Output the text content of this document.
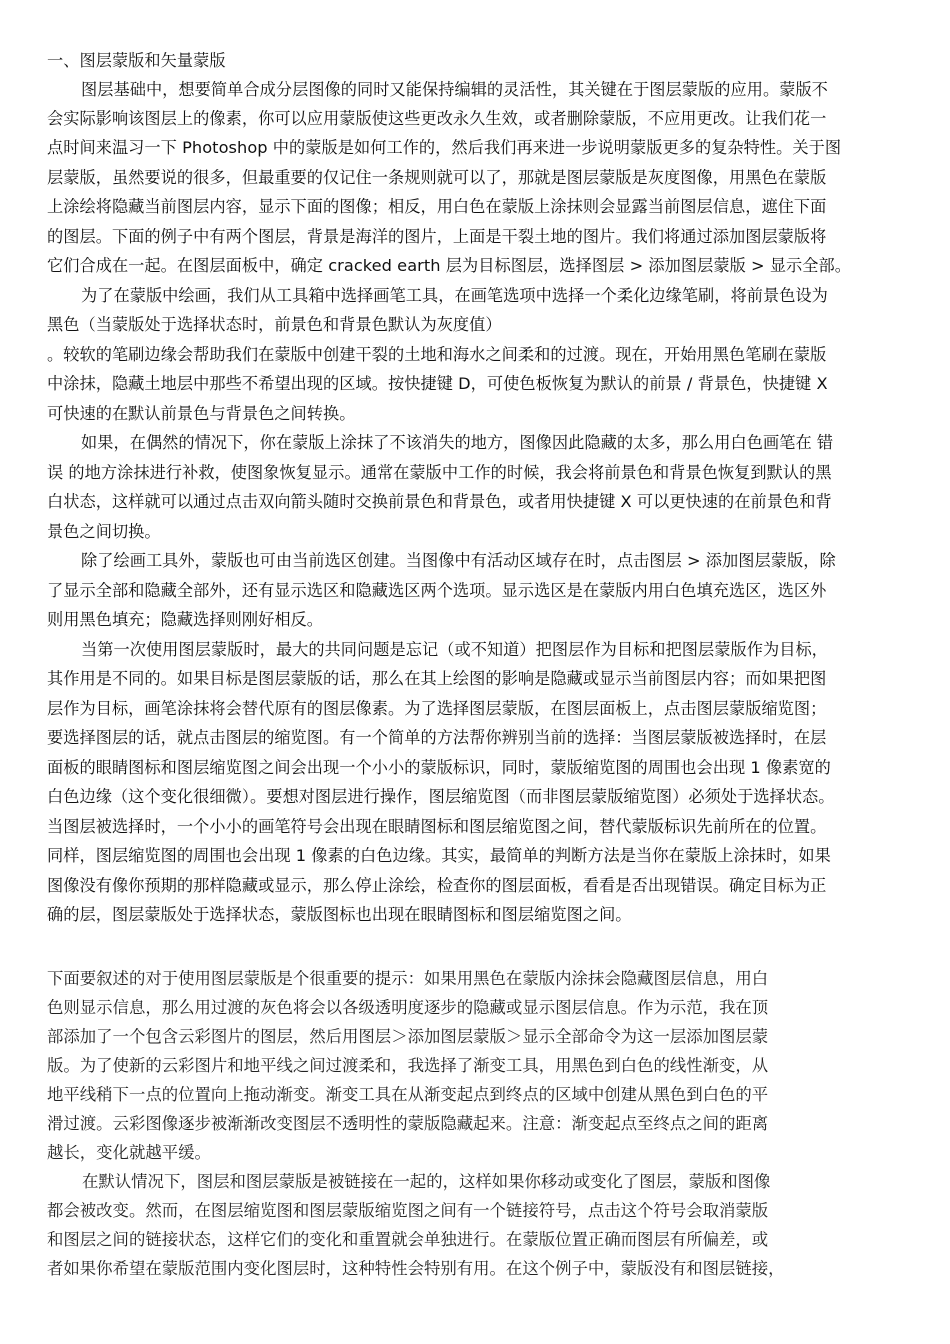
一、图层蒙版和矢量蒙版
图层基础中，想要简单合成分层图像的同时又能保持编辑的灵活性，其关键在于图层蒙版的应用。蒙版不
会实际影响该图层上的像素，你可以应用蒙版使这些更改永久生效，或者删除蒙版，不应用更改。让我们花一
点时间来温习一下 Photoshop 中的蒙版是如何工作的，然后我们再来进一步说明蒙版更多的复杂特性。关于图
层蒙版，虽然要说的很多，但最重要的仅记住一条规则就可以了，那就是图层蒙版是灰度图像，用黑色在蒙版
上涂绘将隐藏当前图层内容，显示下面的图像；相反，用白色在蒙版上涂抹则会显露当前图层信息，遮住下面
的图层。下面的例子中有两个图层，背景是海洋的图片，上面是干裂土地的图片。我们将通过添加图层蒙版将
它们合成在一起。在图层面板中，确定 cracked earth 层为目标图层，选择图层 > 添加图层蒙版 > 显示全部。
为了在蒙版中绘画，我们从工具箱中选择画笔工具，在画笔选项中选择一个柔化边缘笔刷，将前景色设为
黑色（当蒙版处于选择状态时，前景色和背景色默认为灰度值）
。较软的笔刷边缘会帮助我们在蒙版中创建干裂的土地和海水之间柔和的过渡。现在，开始用黑色笔刷在蒙版
中涂抹，隐藏土地层中那些不希望出现的区域。按快捷键 D，可使色板恢复为默认的前景 / 背景色，快捷键 X
可快速的在默认前景色与背景色之间转换。
如果，在偶然的情况下，你在蒙版上涂抹了不该消失的地方，图像因此隐藏的太多，那么用白色画笔在 错
误 的地方涂抹进行补救，使图象恢复显示。通常在蒙版中工作的时候，我会将前景色和背景色恢复到默认的黑
白状态，这样就可以通过点击双向箭头随时交换前景色和背景色，或者用快捷键 X 可以更快速的在前景色和背
景色之间切换。
除了绘画工具外，蒙版也可由当前选区创建。当图像中有活动区域存在时，点击图层 > 添加图层蒙版，除
了显示全部和隐藏全部外，还有显示选区和隐藏选区两个选项。显示选区是在蒙版内用白色填充选区，选区外
则用黑色填充；隐藏选择则刚好相反。
当第一次使用图层蒙版时，最大的共同问题是忘记（或不知道）把图层作为目标和把图层蒙版作为目标，
其作用是不同的。如果目标是图层蒙版的话，那么在其上绘图的影响是隐藏或显示当前图层内容；而如果把图
层作为目标，画笔涂抹将会替代原有的图层像素。为了选择图层蒙版，在图层面板上，点击图层蒙版缩览图；
要选择图层的话，就点击图层的缩览图。有一个简单的方法帮你辨别当前的选择：当图层蒙版被选择时，在层
面板的眼睛图标和图层缩览图之间会出现一个小小的蒙版标识，同时，蒙版缩览图的周围也会出现 1 像素宽的
白色边缘（这个变化很细微）。要想对图层进行操作，图层缩览图（而非图层蒙版缩览图）必须处于选择状态。
当图层被选择时，一个小小的画笔符号会出现在眼睛图标和图层缩览图之间，替代蒙版标识先前所在的位置。
同样，图层缩览图的周围也会出现 1 像素的白色边缘。其实，最简单的判断方法是当你在蒙版上涂抹时，如果
图像没有像你预期的那样隐藏或显示，那么停止涂绘，检查你的图层面板，看看是否出现错误。确定目标为正
确的层，图层蒙版处于选择状态，蒙版图标也出现在眼睛图标和图层缩览图之间。
下面要叙述的对于使用图层蒙版是个很重要的提示：如果用黑色在蒙版内涂抹会隐藏图层信息，用白
色则显示信息，那么用过渡的灰色将会以各级透明度逐步的隐藏或显示图层信息。作为示范，我在顶
部添加了一个包含云彩图片的图层，然后用图层＞添加图层蒙版＞显示全部命令为这一层添加图层蒙
版。为了使新的云彩图片和地平线之间过渡柔和，我选择了渐变工具，用黑色到白色的线性渐变，从
地平线稍下一点的位置向上拖动渐变。渐变工具在从渐变起点到终点的区域中创建从黑色到白色的平
滑过渡。云彩图像逐步被渐渐改变图层不透明性的蒙版隐藏起来。注意：渐变起点至终点之间的距离
越长，变化就越平缓。
在默认情况下，图层和图层蒙版是被链接在一起的，这样如果你移动或变化了图层，蒙版和图像
都会被改变。然而，在图层缩览图和图层蒙版缩览图之间有一个链接符号，点击这个符号会取消蒙版
和图层之间的链接状态，这样它们的变化和重置就会单独进行。在蒙版位置正确而图层有所偏差，或
者如果你希望在蒙版范围内变化图层时，这种特性会特别有用。在这个例子中，蒙版没有和图层链接，
